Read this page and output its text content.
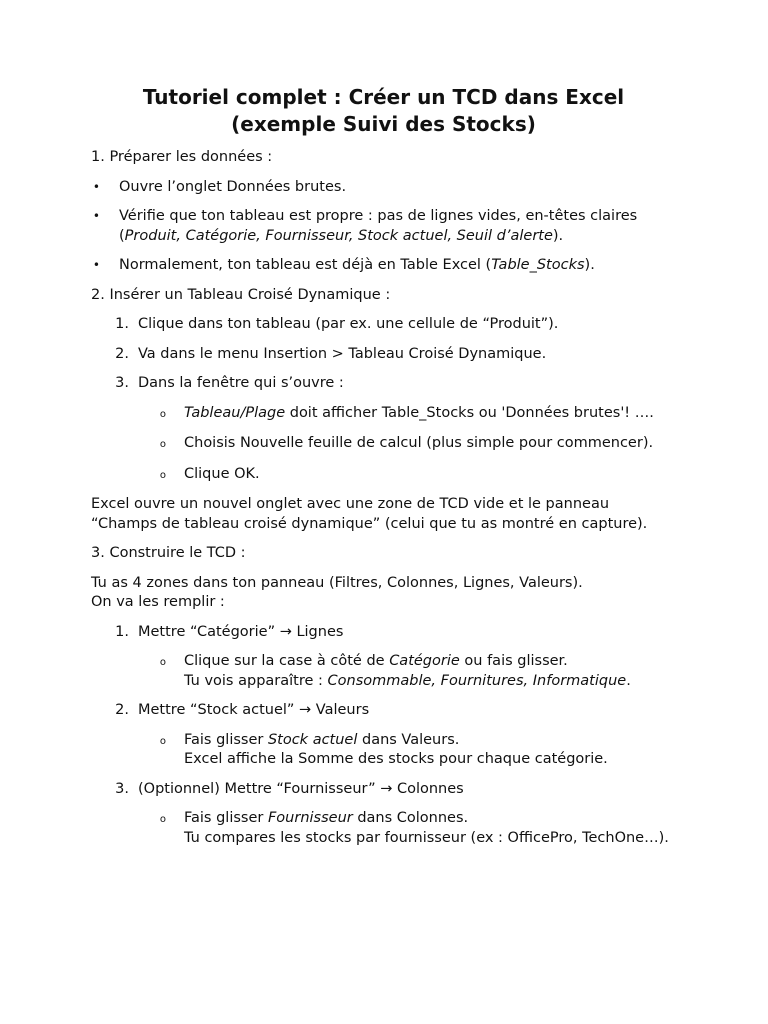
Tutoriel complet : Créer un TCD dans Excel
(exemple Suivi des Stocks)

1. Préparer les données :

•	Ouvre l’onglet Données brutes.
•	Vérifie que ton tableau est propre : pas de lignes vides, en-têtes claires (Produit, Catégorie, Fournisseur, Stock actuel, Seuil d’alerte).
•	Normalement, ton tableau est déjà en Table Excel (Table_Stocks).

2. Insérer un Tableau Croisé Dynamique :

1. Clique dans ton tableau (par ex. une cellule de “Produit”).
2. Va dans le menu Insertion > Tableau Croisé Dynamique.
3. Dans la fenêtre qui s’ouvre :
o	Tableau/Plage doit afficher Table_Stocks ou 'Données brutes'! ….
o	Choisis Nouvelle feuille de calcul (plus simple pour commencer).
o	Clique OK.

Excel ouvre un nouvel onglet avec une zone de TCD vide et le panneau “Champs de tableau croisé dynamique” (celui que tu as montré en capture).

3. Construire le TCD :

Tu as 4 zones dans ton panneau (Filtres, Colonnes, Lignes, Valeurs).
On va les remplir :

1. Mettre “Catégorie” → Lignes
o	Clique sur la case à côté de Catégorie ou fais glisser.
Tu vois apparaître : Consommable, Fournitures, Informatique.
2. Mettre “Stock actuel” → Valeurs
o	Fais glisser Stock actuel dans Valeurs.
Excel affiche la Somme des stocks pour chaque catégorie.
3. (Optionnel) Mettre “Fournisseur” → Colonnes
o	Fais glisser Fournisseur dans Colonnes.
Tu compares les stocks par fournisseur (ex : OfficePro, TechOne…).
